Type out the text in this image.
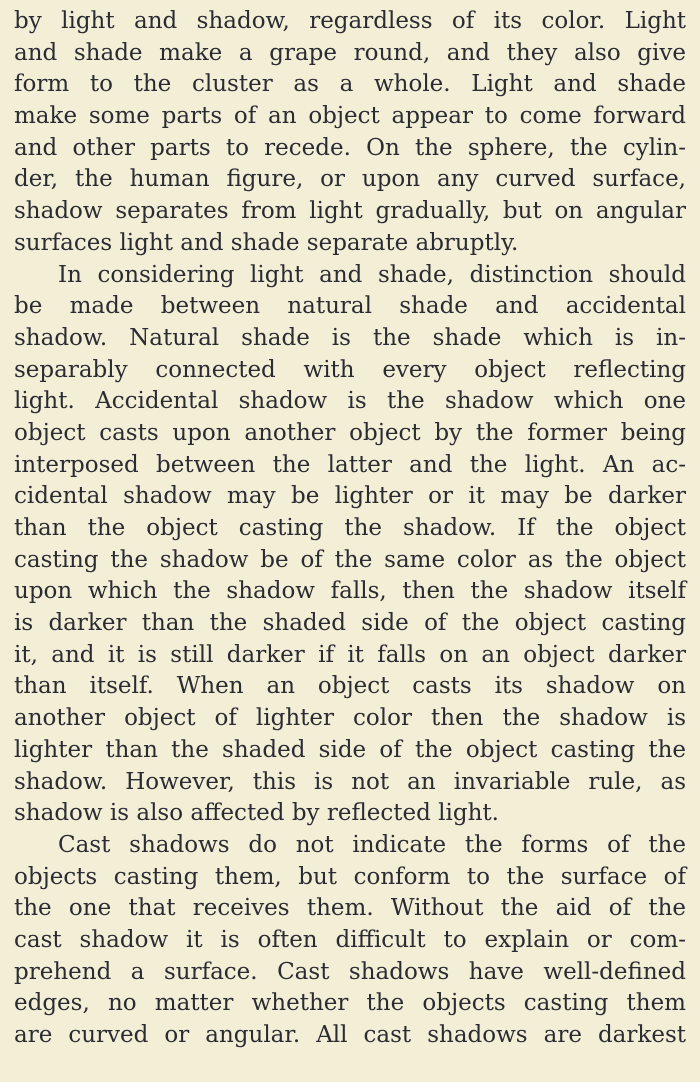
by light and shadow, regardless of its color. Light
and shade make a grape round, and they also give
form to the cluster as a whole. Light and shade
make some parts of an object appear to come forward
and other parts to recede. On the sphere, the cylin-
der, the human figure, or upon any curved surface,
shadow separates from light gradually, but on angular
surfaces light and shade separate abruptly.
In considering light and shade, distinction should
be made between natural shade and accidental
shadow. Natural shade is the shade which is in-
separably connected with every object reflecting
light. Accidental shadow is the shadow which one
object casts upon another object by the former being
interposed between the latter and the light. An ac-
cidental shadow may be lighter or it may be darker
than the object casting the shadow. If the object
casting the shadow be of the same color as the object
upon which the shadow falls, then the shadow itself
is darker than the shaded side of the object casting
it, and it is still darker if it falls on an object darker
than itself. When an object casts its shadow on
another object of lighter color then the shadow is
lighter than the shaded side of the object casting the
shadow. However, this is not an invariable rule, as
shadow is also affected by reflected light.
Cast shadows do not indicate the forms of the
objects casting them, but conform to the surface of
the one that receives them. Without the aid of the
cast shadow it is often difficult to explain or com-
prehend a surface. Cast shadows have well-defined
edges, no matter whether the objects casting them
are curved or angular. All cast shadows are darkest
